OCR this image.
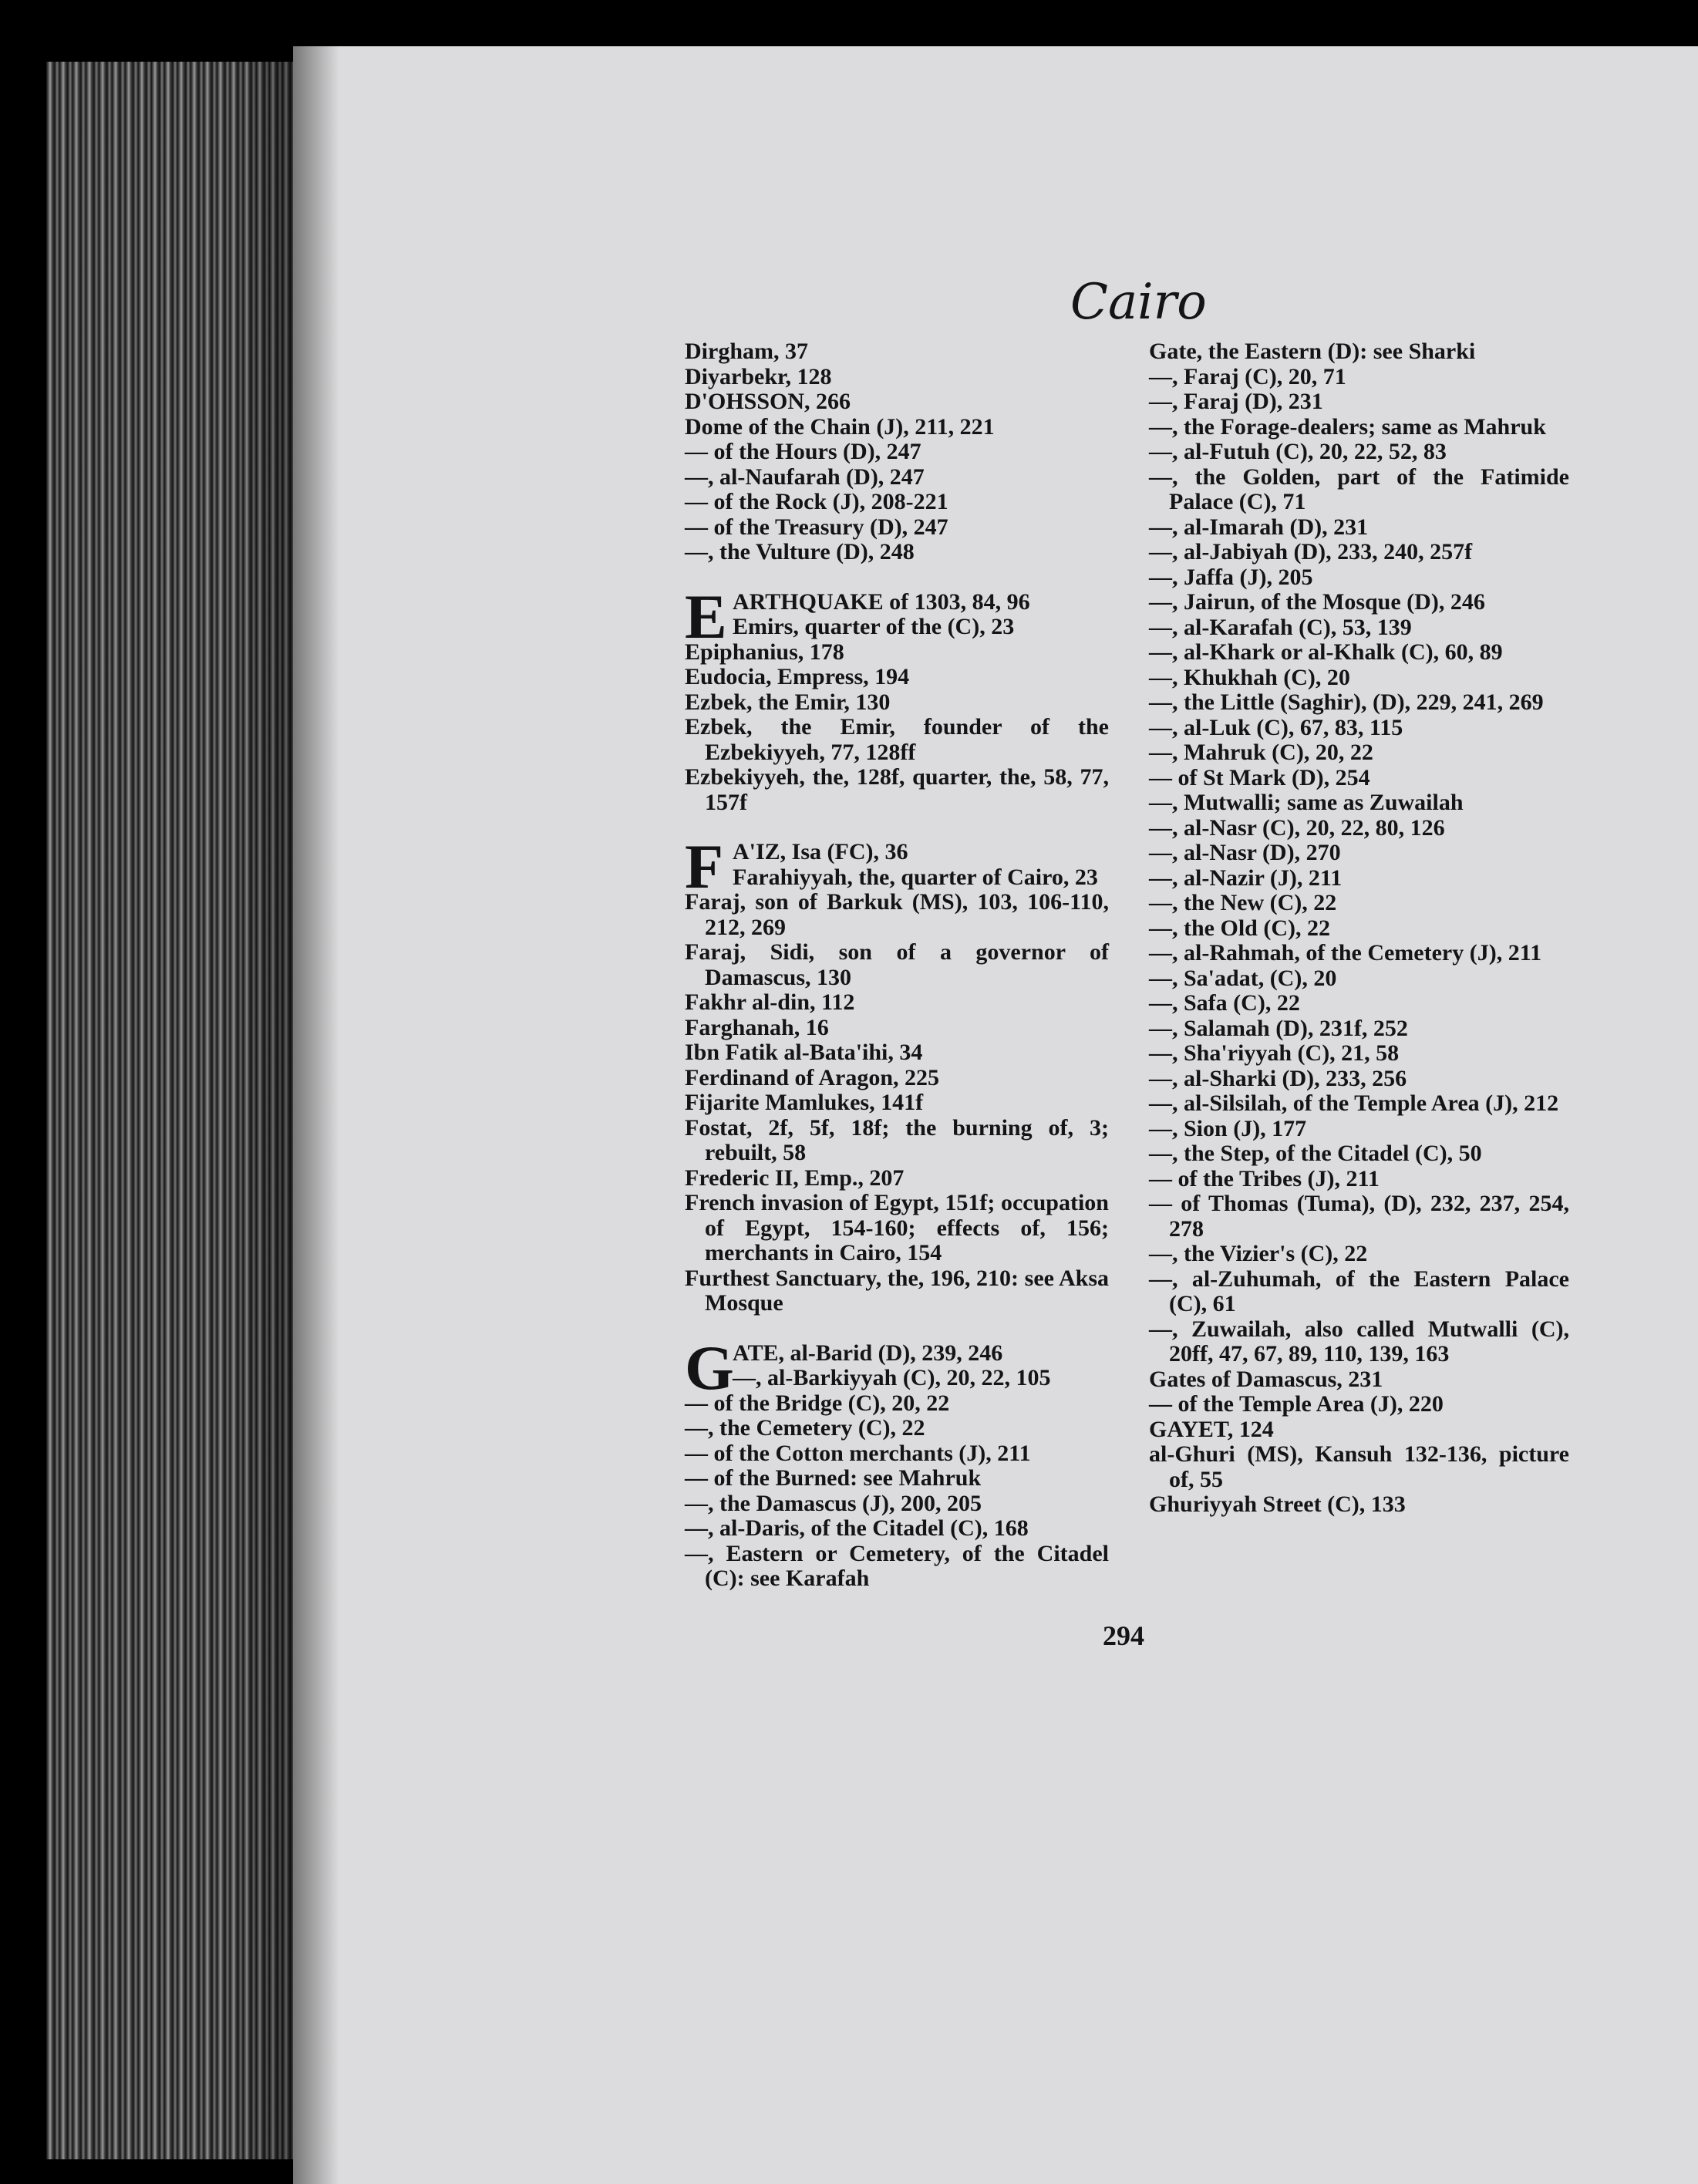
Cairo
Dirgham, 37
Diyarbekr, 128
D'OHSSON, 266
Dome of the Chain (J), 211, 221
— of the Hours (D), 247
—, al-Naufarah (D), 247
— of the Rock (J), 208-221
— of the Treasury (D), 247
—, the Vulture (D), 248
E ARTHQUAKE of 1303, 84, 96
Emirs, quarter of the (C), 23
Epiphanius, 178
Eudocia, Empress, 194
Ezbek, the Emir, 130
Ezbek, the Emir, founder of the Ezbekiyyeh, 77, 128ff
Ezbekiyyeh, the, 128f, quarter, the, 58, 77, 157f
F A'IZ, Isa (FC), 36
Farahiyyah, the, quarter of Cairo, 23
Faraj, son of Barkuk (MS), 103, 106-110, 212, 269
Faraj, Sidi, son of a governor of Damascus, 130
Fakhr al-din, 112
Farghanah, 16
Ibn Fatik al-Bata'ihi, 34
Ferdinand of Aragon, 225
Fijarite Mamlukes, 141f
Fostat, 2f, 5f, 18f; the burning of, 3; rebuilt, 58
Frederic II, Emp., 207
French invasion of Egypt, 151f; occupation of Egypt, 154-160; effects of, 156; merchants in Cairo, 154
Furthest Sanctuary, the, 196, 210: see Aksa Mosque
G
ATE, al-Barid (D), 239, 246
—, al-Barkiyyah (C), 20, 22, 105
— of the Bridge (C), 20, 22
—, the Cemetery (C), 22
— of the Cotton merchants (J), 211
— of the Burned: see Mahruk
—, the Damascus (J), 200, 205
—, al-Daris, of the Citadel (C), 168
—, Eastern or Cemetery, of the Citadel (C): see Karafah
Gate, the Eastern (D): see Sharki
—, Faraj (C), 20, 71
—, Faraj (D), 231
—, the Forage-dealers; same as Mahruk
—, al-Futuh (C), 20, 22, 52, 83
—, the Golden, part of the Fatimide Palace (C), 71
—, al-Imarah (D), 231
—, al-Jabiyah (D), 233, 240, 257f
—, Jaffa (J), 205
—, Jairun, of the Mosque (D), 246
—, al-Karafah (C), 53, 139
—, al-Khark or al-Khalk (C), 60, 89
—, Khukhah (C), 20
—, the Little (Saghir), (D), 229, 241, 269
—, al-Luk (C), 67, 83, 115
—, Mahruk (C), 20, 22
— of St Mark (D), 254
—, Mutwalli; same as Zuwailah
—, al-Nasr (C), 20, 22, 80, 126
—, al-Nasr (D), 270
—, al-Nazir (J), 211
—, the New (C), 22
—, the Old (C), 22
—, al-Rahmah, of the Cemetery (J), 211
—, Sa'adat, (C), 20
—, Safa (C), 22
—, Salamah (D), 231f, 252
—, Sha'riyyah (C), 21, 58
—, al-Sharki (D), 233, 256
—, al-Silsilah, of the Temple Area (J), 212
—, Sion (J), 177
—, the Step, of the Citadel (C), 50
— of the Tribes (J), 211
— of Thomas (Tuma), (D), 232, 237, 254, 278
—, the Vizier's (C), 22
—, al-Zuhumah, of the Eastern Palace (C), 61
—, Zuwailah, also called Mutwalli (C), 20ff, 47, 67, 89, 110, 139, 163
Gates of Damascus, 231
— of the Temple Area (J), 220
GAYET, 124
al-Ghuri (MS), Kansuh 132-136, picture of, 55
Ghuriyyah Street (C), 133
294
